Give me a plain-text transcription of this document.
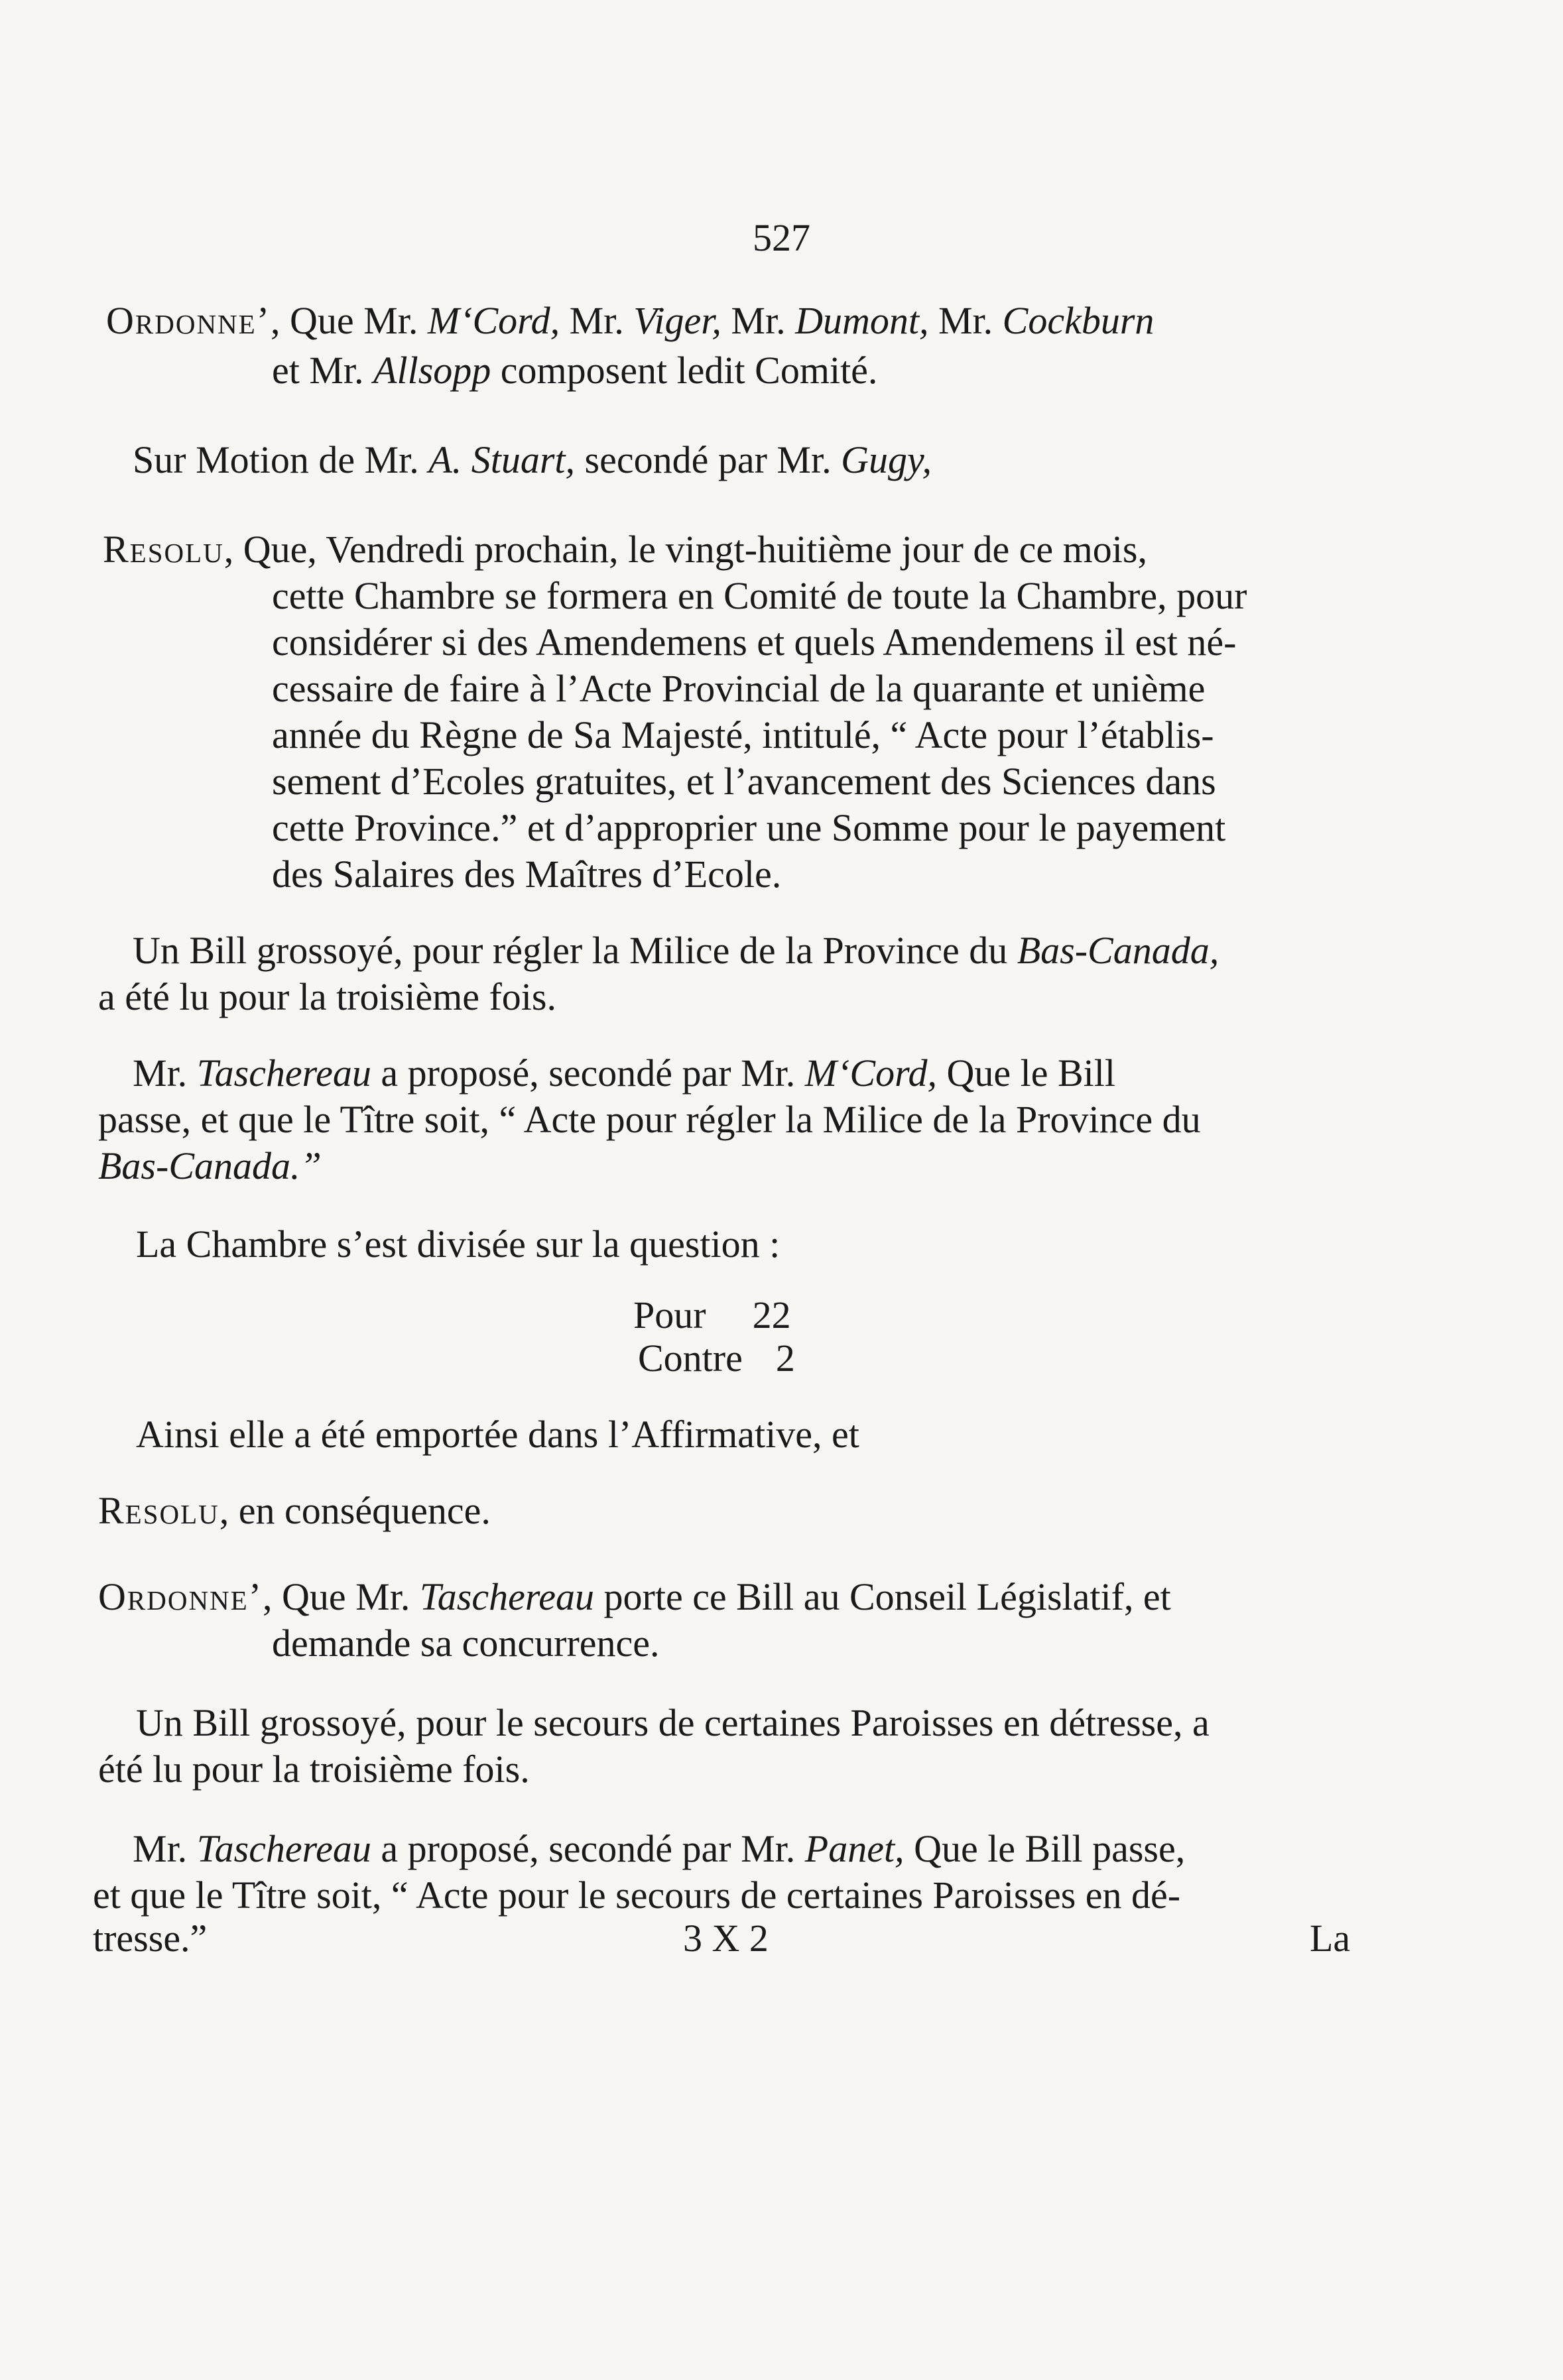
527
Ordonne’, Que Mr. M‘Cord, Mr. Viger, Mr. Dumont, Mr. Cockburn
et Mr. Allsopp composent ledit Comité.
Sur Motion de Mr. A. Stuart, secondé par Mr. Gugy,
Resolu, Que, Vendredi prochain, le vingt-huitième jour de ce mois,
cette Chambre se formera en Comité de toute la Chambre, pour
considérer si des Amendemens et quels Amendemens il est né-
cessaire de faire à l’Acte Provincial de la quarante et unième
année du Règne de Sa Majesté, intitulé, “ Acte pour l’établis-
sement d’Ecoles gratuites, et l’avancement des Sciences dans
cette Province.” et d’approprier une Somme pour le payement
des Salaires des Maîtres d’Ecole.
Un Bill grossoyé, pour régler la Milice de la Province du Bas-Canada,
a été lu pour la troisième fois.
Mr. Taschereau a proposé, secondé par Mr. M‘Cord, Que le Bill
passe, et que le Tître soit, “ Acte pour régler la Milice de la Province du
Bas-Canada.”
La Chambre s’est divisée sur la question :
Pour 22
Contre 2
Ainsi elle a été emportée dans l’Affirmative, et
Resolu, en conséquence.
Ordonne’, Que Mr. Taschereau porte ce Bill au Conseil Législatif, et
demande sa concurrence.
Un Bill grossoyé, pour le secours de certaines Paroisses en détresse, a
été lu pour la troisième fois.
Mr. Taschereau a proposé, secondé par Mr. Panet, Que le Bill passe,
et que le Tître soit, “ Acte pour le secours de certaines Paroisses en dé-
tresse.”	3 X 2	La
